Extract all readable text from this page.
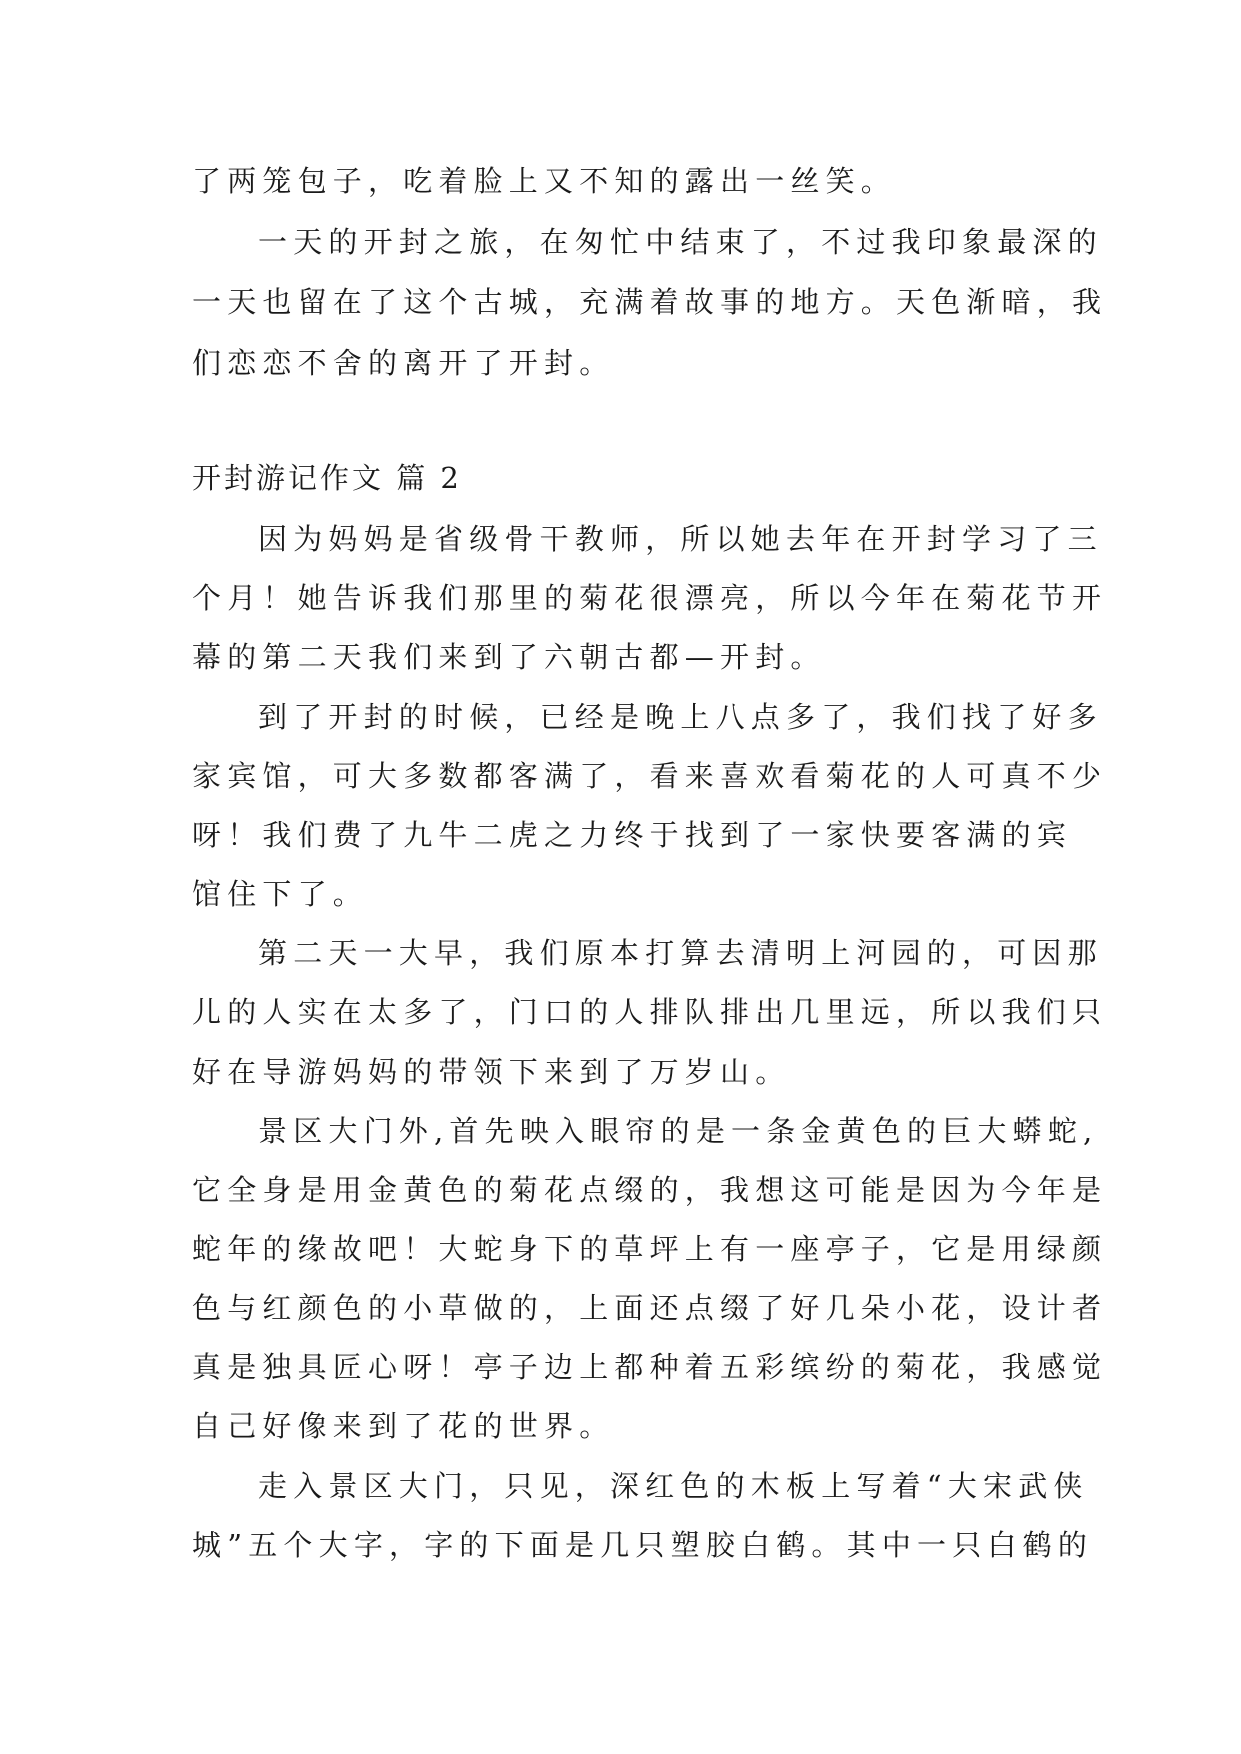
了两笼包子，吃着脸上又不知的露出一丝笑。

一天的开封之旅，在匆忙中结束了，不过我印象最深的

一天也留在了这个古城，充满着故事的地方。天色渐暗，我

们恋恋不舍的离开了开封。

开封游记作文 篇 2

因为妈妈是省级骨干教师，所以她去年在开封学习了三

个月！她告诉我们那里的菊花很漂亮，所以今年在菊花节开

幕的第二天我们来到了六朝古都—开封。

到了开封的时候，已经是晚上八点多了，我们找了好多

家宾馆，可大多数都客满了，看来喜欢看菊花的人可真不少

呀！我们费了九牛二虎之力终于找到了一家快要客满的宾

馆住下了。

第二天一大早，我们原本打算去清明上河园的，可因那

儿的人实在太多了，门口的人排队排出几里远，所以我们只

好在导游妈妈的带领下来到了万岁山。

景区大门外,首先映入眼帘的是一条金黄色的巨大蟒蛇,

它全身是用金黄色的菊花点缀的，我想这可能是因为今年是

蛇年的缘故吧！大蛇身下的草坪上有一座亭子，它是用绿颜

色与红颜色的小草做的，上面还点缀了好几朵小花，设计者

真是独具匠心呀！亭子边上都种着五彩缤纷的菊花，我感觉

自己好像来到了花的世界。

走入景区大门，只见，深红色的木板上写着“大宋武侠

城”五个大字，字的下面是几只塑胶白鹤。其中一只白鹤的
